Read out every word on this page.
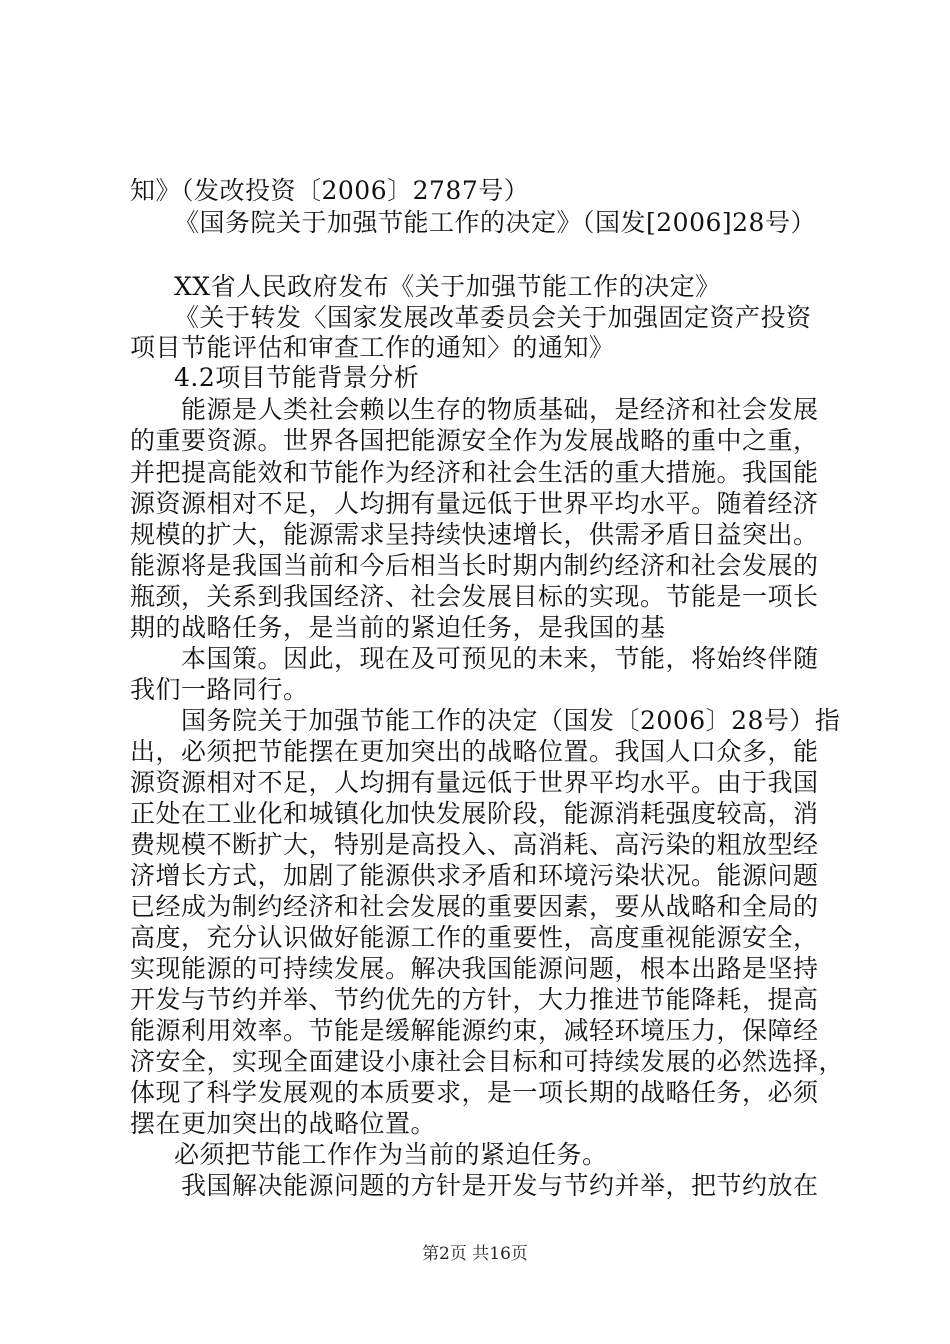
知》（发改投资〔2006〕2787号）
《国务院关于加强节能工作的决定》（国发[2006]28号）
XX省人民政府发布《关于加强节能工作的决定》
《关于转发〈国家发展改革委员会关于加强固定资产投资
项目节能评估和审查工作的通知〉的通知》
4.2项目节能背景分析
能源是人类社会赖以生存的物质基础，是经济和社会发展
的重要资源。世界各国把能源安全作为发展战略的重中之重，
并把提高能效和节能作为经济和社会生活的重大措施。我国能
源资源相对不足，人均拥有量远低于世界平均水平。随着经济
规模的扩大，能源需求呈持续快速增长，供需矛盾日益突出。
能源将是我国当前和今后相当长时期内制约经济和社会发展的
瓶颈，关系到我国经济、社会发展目标的实现。节能是一项长
期的战略任务，是当前的紧迫任务，是我国的基
本国策。因此，现在及可预见的未来，节能，将始终伴随
我们一路同行。
国务院关于加强节能工作的决定（国发〔2006〕28号）指
出，必须把节能摆在更加突出的战略位置。我国人口众多，能
源资源相对不足，人均拥有量远低于世界平均水平。由于我国
正处在工业化和城镇化加快发展阶段，能源消耗强度较高，消
费规模不断扩大，特别是高投入、高消耗、高污染的粗放型经
济增长方式，加剧了能源供求矛盾和环境污染状况。能源问题
已经成为制约经济和社会发展的重要因素，要从战略和全局的
高度，充分认识做好能源工作的重要性，高度重视能源安全，
实现能源的可持续发展。解决我国能源问题，根本出路是坚持
开发与节约并举、节约优先的方针，大力推进节能降耗，提高
能源利用效率。节能是缓解能源约束，减轻环境压力，保障经
济安全，实现全面建设小康社会目标和可持续发展的必然选择，
体现了科学发展观的本质要求，是一项长期的战略任务，必须
摆在更加突出的战略位置。
必须把节能工作作为当前的紧迫任务。
我国解决能源问题的方针是开发与节约并举，把节约放在
第2页 共16页
